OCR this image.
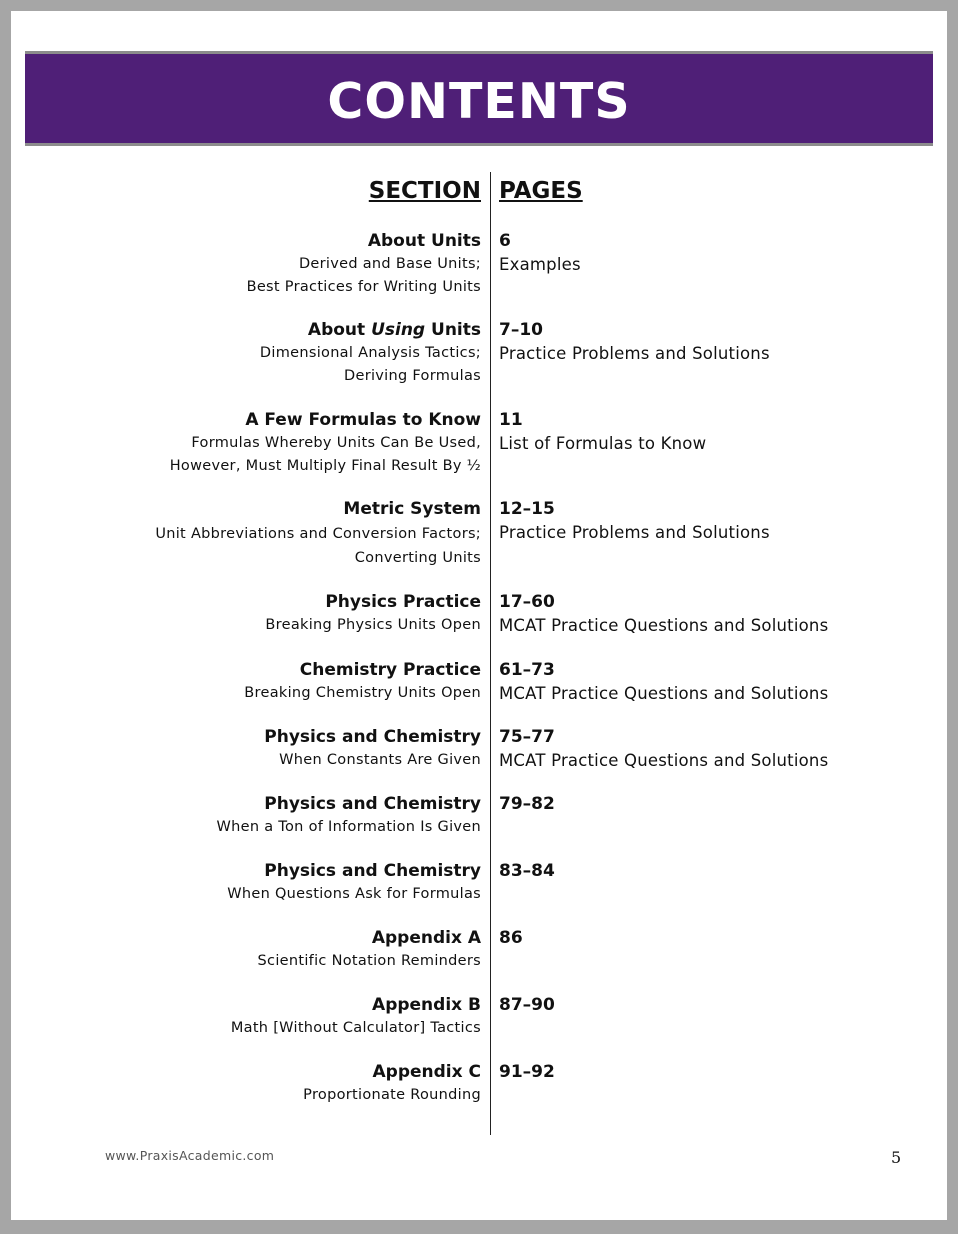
CONTENTS
SECTION PAGES
About Units
Derived and Base Units;
Best Practices for Writing Units
6
Examples
About Using Units
Dimensional Analysis Tactics;
Deriving Formulas
7–10
Practice Problems and Solutions
A Few Formulas to Know
Formulas Whereby Units Can Be Used,
However, Must Multiply Final Result By ½
11
List of Formulas to Know
Metric System
Unit Abbreviations and Conversion Factors;
Converting Units
12–15
Practice Problems and Solutions
Physics Practice
Breaking Physics Units Open
17–60
MCAT Practice Questions and Solutions
Chemistry Practice
Breaking Chemistry Units Open
61–73
MCAT Practice Questions and Solutions
Physics and Chemistry
When Constants Are Given
75–77
MCAT Practice Questions and Solutions
Physics and Chemistry
When a Ton of Information Is Given
79–82
Physics and Chemistry
When Questions Ask for Formulas
83–84
Appendix A
Scientific Notation Reminders
86
Appendix B
Math [Without Calculator] Tactics
87–90
Appendix C
Proportionate Rounding
91–92
www.PraxisAcademic.com	5
